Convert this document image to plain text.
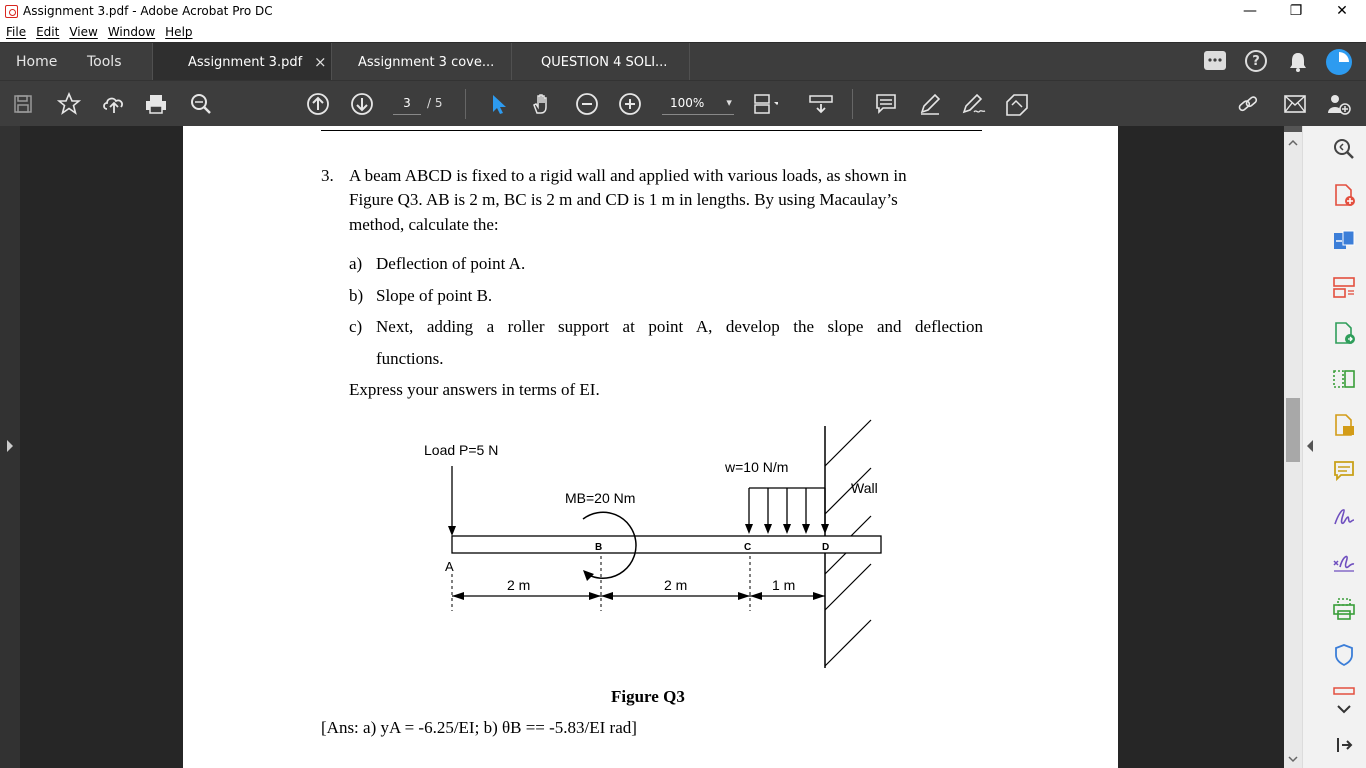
Assignment 3.pdf - Adobe Acrobat Pro DC	—	❐	✕
File Edit View Window Help
Home Tools	Assignment 3.pdf × Assignment 3 cove...	QUESTION 4 SOLI...	?
3	/ 5	100% ▾
3. A beam ABCD is fixed to a rigid wall and applied with various loads, as shown in
Figure Q3. AB is 2 m, BC is 2 m and CD is 1 m in lengths. By using Macaulay’s
method, calculate the:
a) Deflection of point A.
b) Slope of point B.
c) Next, adding a roller support at point A, develop the slope and deflection
functions.
Express your answers in terms of EI.
Wall
B	C	D
A
Load P=5 N
w=10 N/m
MB=20 Nm
2 m	2 m	1 m
Figure Q3
[Ans: a) yA = -6.25/EI; b) θB == -5.83/EI rad]
